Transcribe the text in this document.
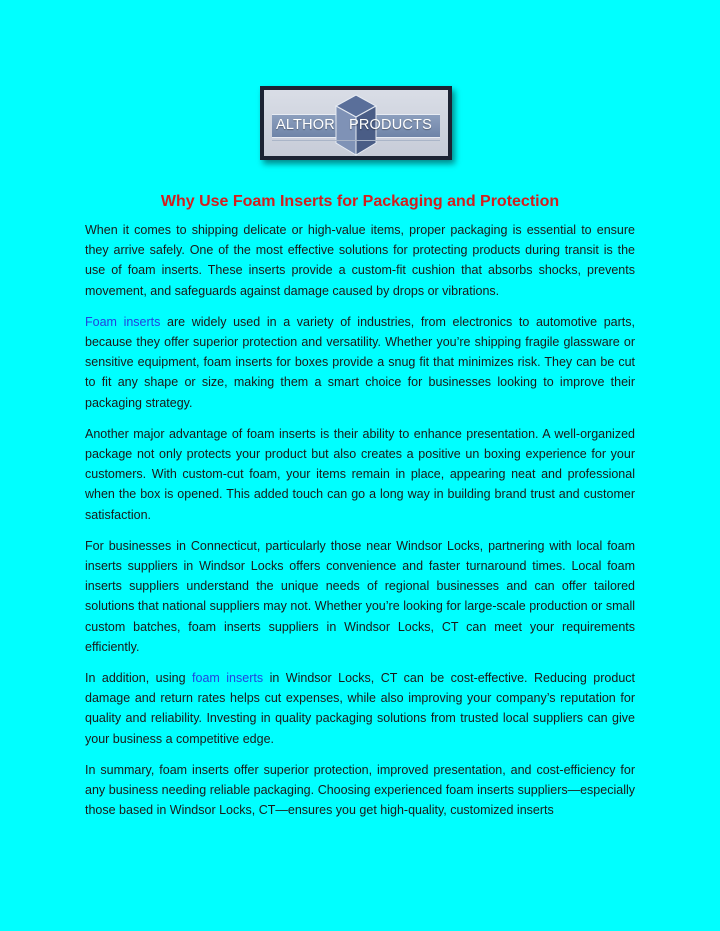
ALTHOR PRODUCTS
Why Use Foam Inserts for Packaging and Protection

When it comes to shipping delicate or high-value items, proper packaging is essential to ensure they arrive safely. One of the most effective solutions for protecting products during transit is the use of foam inserts. These inserts provide a custom-fit cushion that absorbs shocks, prevents movement, and safeguards against damage caused by drops or vibrations.

Foam inserts are widely used in a variety of industries, from electronics to automotive parts, because they offer superior protection and versatility. Whether you’re shipping fragile glassware or sensitive equipment, foam inserts for boxes provide a snug fit that minimizes risk. They can be cut to fit any shape or size, making them a smart choice for businesses looking to improve their packaging strategy.

Another major advantage of foam inserts is their ability to enhance presentation. A well-organized package not only protects your product but also creates a positive un boxing experience for your customers. With custom-cut foam, your items remain in place, appearing neat and professional when the box is opened. This added touch can go a long way in building brand trust and customer satisfaction.

For businesses in Connecticut, particularly those near Windsor Locks, partnering with local foam inserts suppliers in Windsor Locks offers convenience and faster turnaround times. Local foam inserts suppliers understand the unique needs of regional businesses and can offer tailored solutions that national suppliers may not. Whether you’re looking for large-scale production or small custom batches, foam inserts suppliers in Windsor Locks, CT can meet your requirements efficiently.

In addition, using foam inserts in Windsor Locks, CT can be cost-effective. Reducing product damage and return rates helps cut expenses, while also improving your company’s reputation for quality and reliability. Investing in quality packaging solutions from trusted local suppliers can give your business a competitive edge.

In summary, foam inserts offer superior protection, improved presentation, and cost-efficiency for any business needing reliable packaging. Choosing experienced foam inserts suppliers—especially those based in Windsor Locks, CT—ensures you get high-quality, customized inserts
